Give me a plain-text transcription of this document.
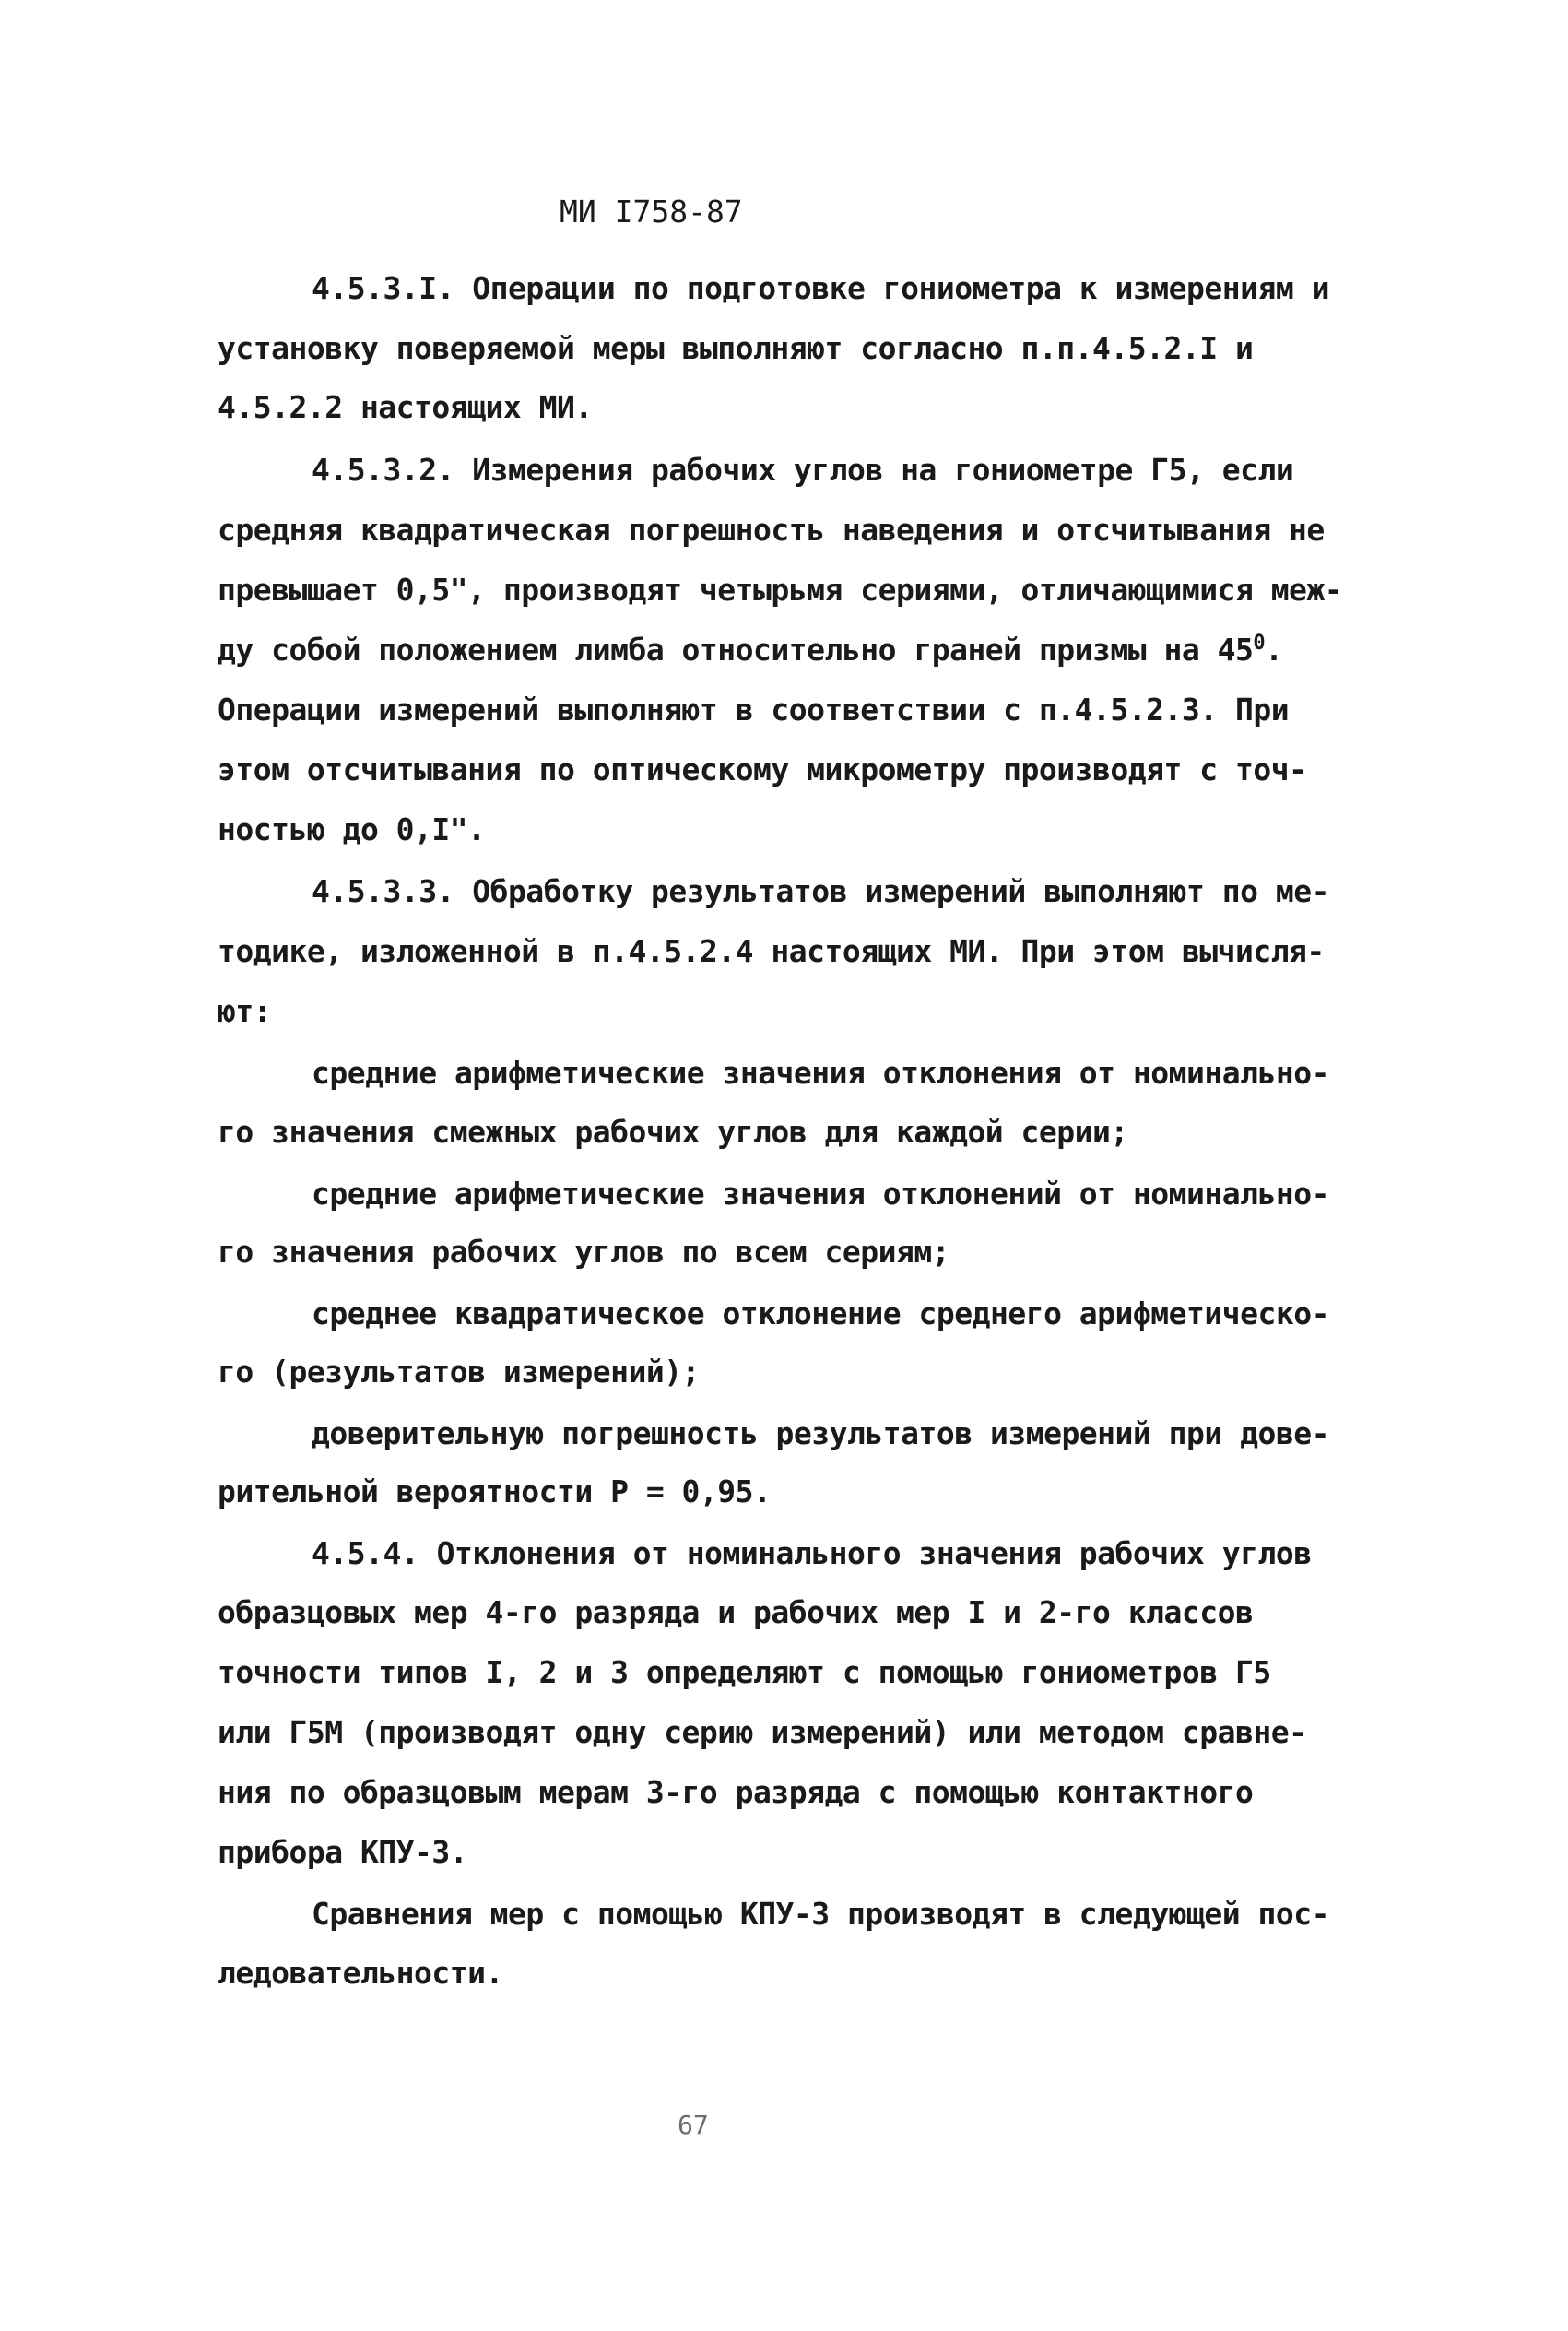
МИ I758-87
4.5.3.I. Операции по подготовке гониометра к измерениям и
установку поверяемой меры выполняют согласно п.п.4.5.2.I и
4.5.2.2 настоящих МИ.
4.5.3.2. Измерения рабочих углов на гониометре Г5, если
средняя квадратическая погрешность наведения и отсчитывания не
превышает 0,5", производят четырьмя сериями, отличающимися меж-
ду собой положением лимба относительно граней призмы на $45^0$.
Операции измерений выполняют в соответствии с п.4.5.2.3. При
этом отсчитывания по оптическому микрометру производят с точ-
ностью до 0,I".
4.5.3.3. Обработку результатов измерений выполняют по ме-
тодике, изложенной в п.4.5.2.4 настоящих МИ. При этом вычисля-
ют:
средние арифметические значения отклонения от номинально-
го значения смежных рабочих углов для каждой серии;
средние арифметические значения отклонений от номинально-
го значения рабочих углов по всем сериям;
среднее квадратическое отклонение среднего арифметическо-
го (результатов измерений);
доверительную погрешность результатов измерений при дове-
рительной вероятности Р = 0,95.
4.5.4. Отклонения от номинального значения рабочих углов
образцовых мер 4-го разряда и рабочих мер I и 2-го классов
точности типов I, 2 и 3 определяют с помощью гониометров Г5
или Г5М (производят одну серию измерений) или методом сравне-
ния по образцовым мерам 3-го разряда с помощью контактного
прибора КПУ-3.
Сравнения мер с помощью КПУ-3 производят в следующей пос-
ледовательности.
67
